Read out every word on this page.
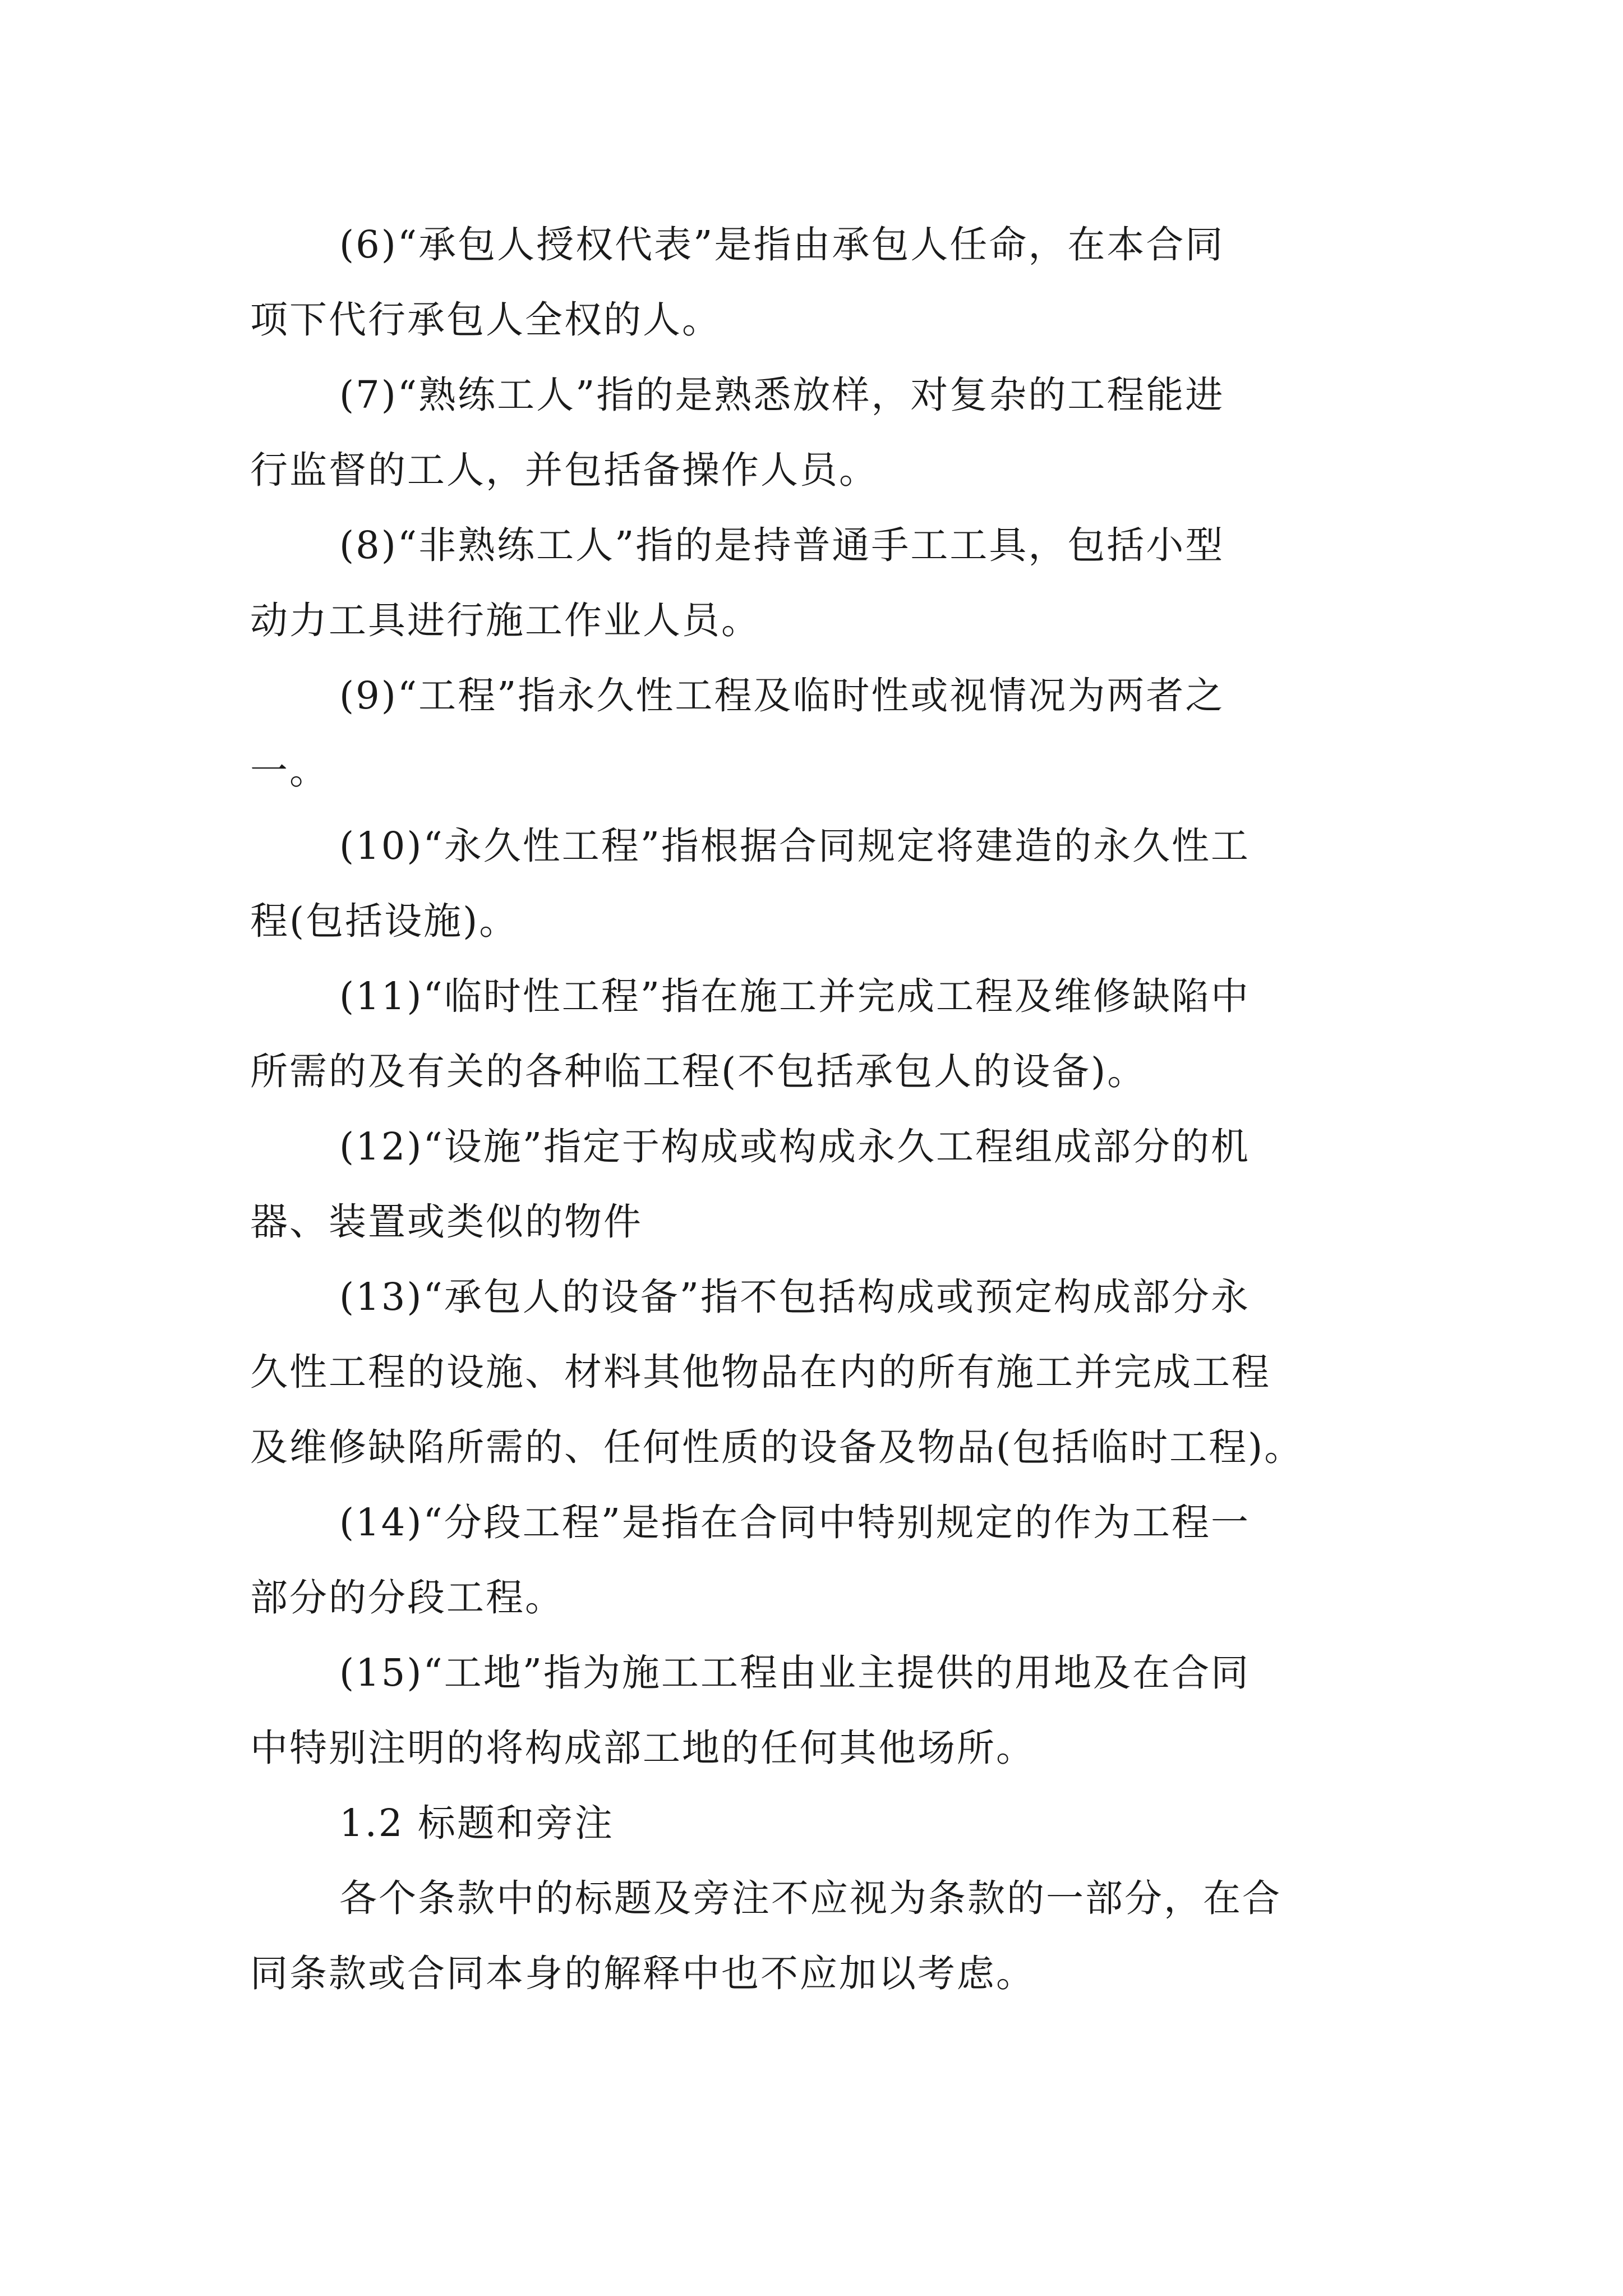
(6)“承包人授权代表”是指由承包人任命，在本合同
项下代行承包人全权的人。
(7)“熟练工人”指的是熟悉放样，对复杂的工程能进
行监督的工人，并包括备操作人员。
(8)“非熟练工人”指的是持普通手工工具，包括小型
动力工具进行施工作业人员。
(9)“工程”指永久性工程及临时性或视情况为两者之
一。
(10)“永久性工程”指根据合同规定将建造的永久性工
程(包括设施)。
(11)“临时性工程”指在施工并完成工程及维修缺陷中
所需的及有关的各种临工程(不包括承包人的设备)。
(12)“设施”指定于构成或构成永久工程组成部分的机
器、装置或类似的物件
(13)“承包人的设备”指不包括构成或预定构成部分永
久性工程的设施、材料其他物品在内的所有施工并完成工程
及维修缺陷所需的、任何性质的设备及物品(包括临时工程)。
(14)“分段工程”是指在合同中特别规定的作为工程一
部分的分段工程。
(15)“工地”指为施工工程由业主提供的用地及在合同
中特别注明的将构成部工地的任何其他场所。
1.2 标题和旁注
各个条款中的标题及旁注不应视为条款的一部分，在合
同条款或合同本身的解释中也不应加以考虑。
